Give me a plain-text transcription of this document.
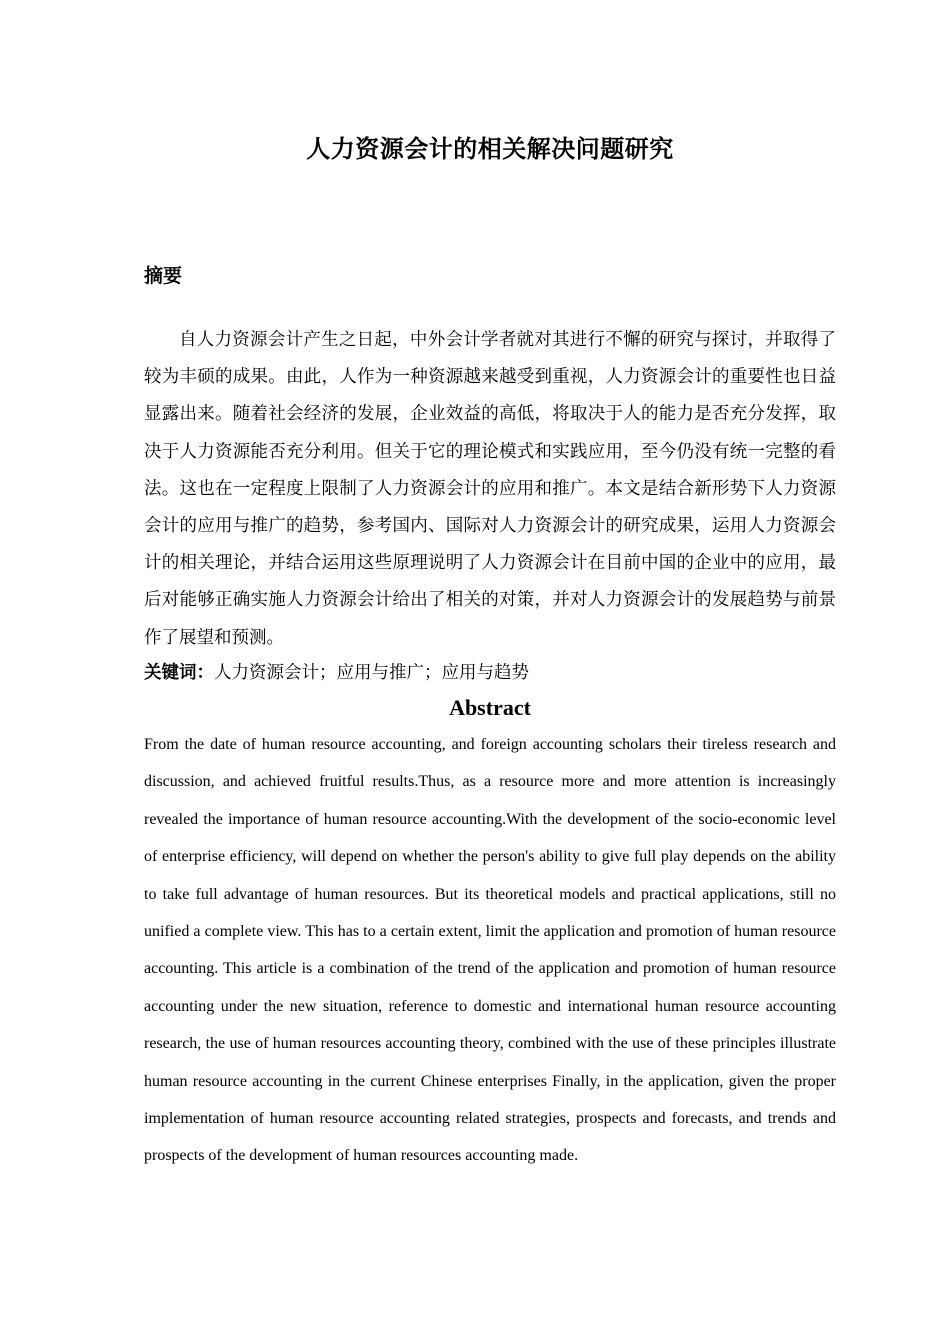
人力资源会计的相关解决问题研究
摘要

自人力资源会计产生之日起，中外会计学者就对其进行不懈的研究与探讨，并取得了较为丰硕的成果。由此，人作为一种资源越来越受到重视，人力资源会计的重要性也日益显露出来。随着社会经济的发展，企业效益的高低，将取决于人的能力是否充分发挥，取决于人力资源能否充分利用。但关于它的理论模式和实践应用，至今仍没有统一完整的看法。这也在一定程度上限制了人力资源会计的应用和推广。本文是结合新形势下人力资源会计的应用与推广的趋势，参考国内、国际对人力资源会计的研究成果，运用人力资源会计的相关理论，并结合运用这些原理说明了人力资源会计在目前中国的企业中的应用，最后对能够正确实施人力资源会计给出了相关的对策，并对人力资源会计的发展趋势与前景作了展望和预测。

关键词：人力资源会计；应用与推广；应用与趋势
Abstract

From the date of human resource accounting, and foreign accounting scholars their tireless research and discussion, and achieved fruitful results.Thus, as a resource more and more attention is increasingly revealed the importance of human resource accounting.With the development of the socio-economic level of enterprise efficiency, will depend on whether the person's ability to give full play depends on the ability to take full advantage of human resources. But its theoretical models and practical applications, still no unified a complete view. This has to a certain extent, limit the application and promotion of human resource accounting. This article is a combination of the trend of the application and promotion of human resource accounting under the new situation, reference to domestic and international human resource accounting research, the use of human resources accounting theory, combined with the use of these principles illustrate human resource accounting in the current Chinese enterprises Finally, in the application, given the proper implementation of human resource accounting related strategies, prospects and forecasts, and trends and prospects of the development of human resources accounting made.
